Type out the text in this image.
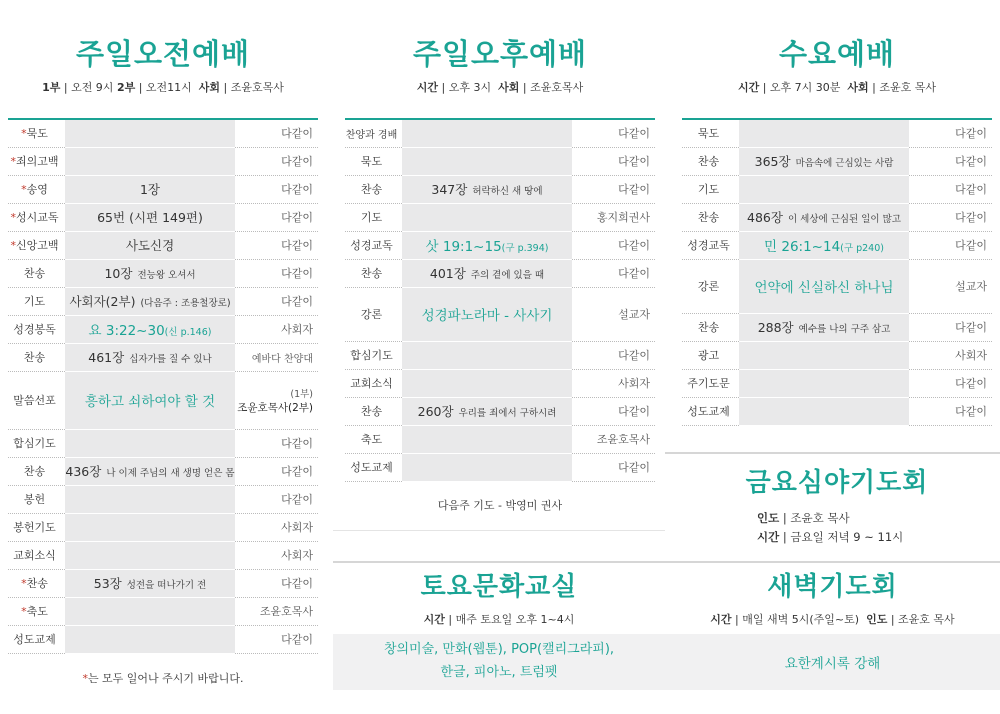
주일오전예배
1부 | 오전 9시 2부 | 오전11시 사회 | 조윤호목사
*묵도		다같이
*죄의고백		다같이
*송영	1장	다같이
*성시교독	65번 (시편 149편)	다같이
*신앙고백	사도신경	다같이
찬송	10장 전능왕 오셔서	다같이
기도	사회자(2부) (다음주 : 조용철장로)	다같이
성경봉독	요 3:22~30(신 p.146)	사회자
찬송	461장 십자가를 질 수 있나	예바다 찬양대
말씀선포	흥하고 쇠하여야 할 것	(1부)
조윤호목사(2부)

합심기도		다같이
찬송	436장 나 이제 주님의 새 생명 얻은 몸	다같이
봉헌		다같이
봉헌기도		사회자
교회소식		사회자
*찬송	53장 성전을 떠나가기 전	다같이
*축도		조윤호목사
성도교제		다같이
*는 모두 일어나 주시기 바랍니다.
주일오후예배
시간 | 오후 3시 사회 | 조윤호목사
찬양과 경배		다같이
묵도		다같이
찬송	347장 허락하신 새 땅에	다같이
기도		홍지희권사
성경교독	삿 19:1~15(구 p.394)	다같이
찬송	401장 주의 곁에 있을 때	다같이
강론	성경파노라마 - 사사기	설교자
합심기도		다같이
교회소식		사회자
찬송	260장 우리를 죄에서 구하시려	다같이
축도		조윤호목사
성도교제		다같이
다음주 기도 - 박영미 권사
수요예배
시간 | 오후 7시 30분 사회 | 조윤호 목사
묵도		다같이
찬송	365장 마음속에 근심있는 사람	다같이
기도		다같이
찬송	486장 이 세상에 근심된 일이 많고	다같이
성경교독	민 26:1~14(구 p240)	다같이
강론	언약에 신실하신 하나님	설교자
찬송	288장 예수를 나의 구주 삼고	다같이
광고		사회자
주기도문		다같이
성도교제		다같이
금요심야기도회
인도 | 조윤호 목사
시간 | 금요일 저녁 9 ~ 11시
토요문화교실
시간 | 매주 토요일 오후 1~4시
새벽기도회
시간 | 매일 새벽 5시(주일~토) 인도 | 조윤호 목사
창의미술, 만화(웹툰), POP(캘리그라피),
한글, 피아노, 트럼펫
요한계시록 강해
